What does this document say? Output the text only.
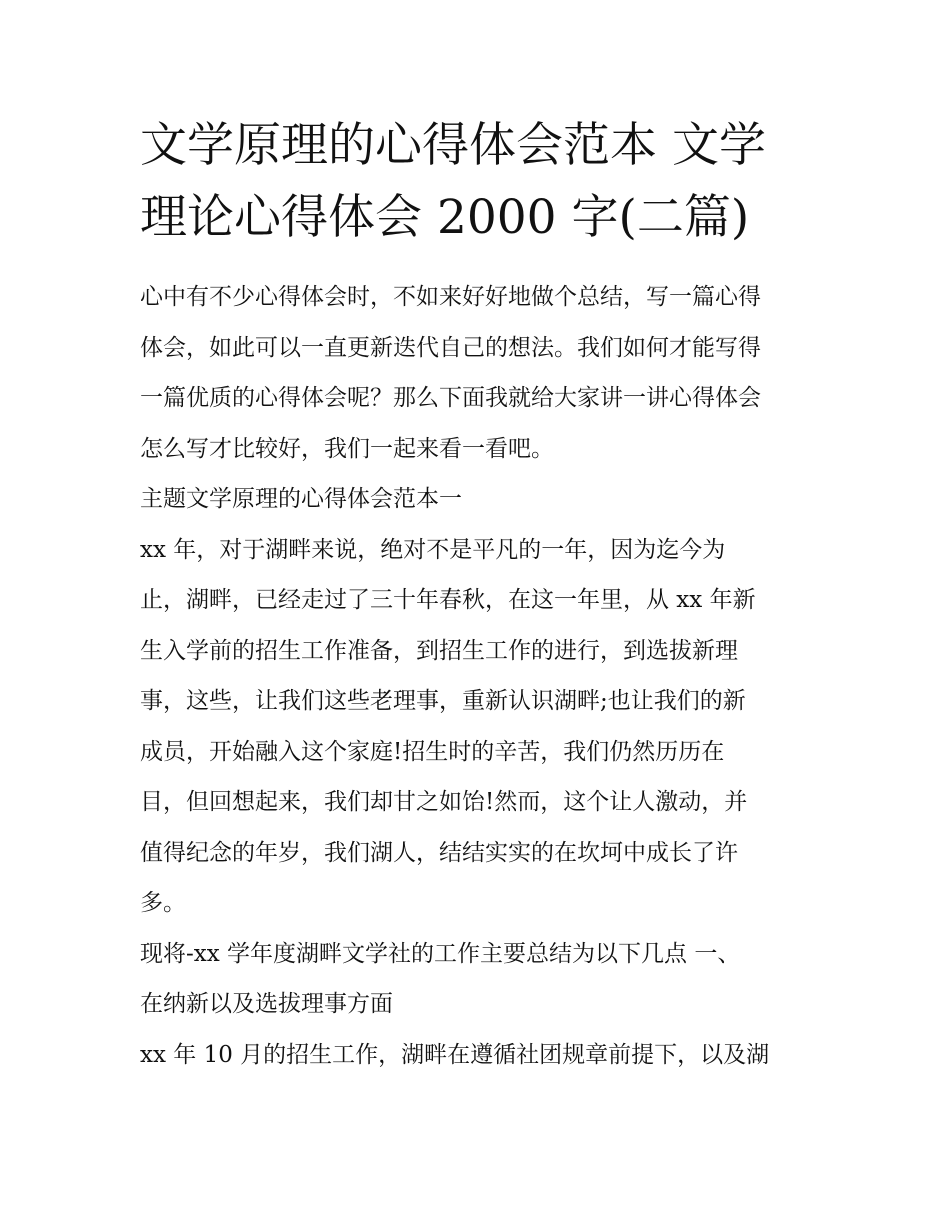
文学原理的心得体会范本 文学
理论心得体会 2000 字(二篇)

心中有不少心得体会时，不如来好好地做个总结，写一篇心得
体会，如此可以一直更新迭代自己的想法。我们如何才能写得
一篇优质的心得体会呢？那么下面我就给大家讲一讲心得体会
怎么写才比较好，我们一起来看一看吧。

主题文学原理的心得体会范本一

xx 年，对于湖畔来说，绝对不是平凡的一年，因为迄今为
止，湖畔，已经走过了三十年春秋，在这一年里，从 xx 年新
生入学前的招生工作准备，到招生工作的进行，到选拔新理
事，这些，让我们这些老理事，重新认识湖畔;也让我们的新
成员，开始融入这个家庭!招生时的辛苦，我们仍然历历在
目，但回想起来，我们却甘之如饴!然而，这个让人激动，并
值得纪念的年岁，我们湖人，结结实实的在坎坷中成长了许
多。

现将-xx 学年度湖畔文学社的工作主要总结为以下几点 一、
在纳新以及选拔理事方面

xx 年 10 月的招生工作，湖畔在遵循社团规章前提下，以及湖
